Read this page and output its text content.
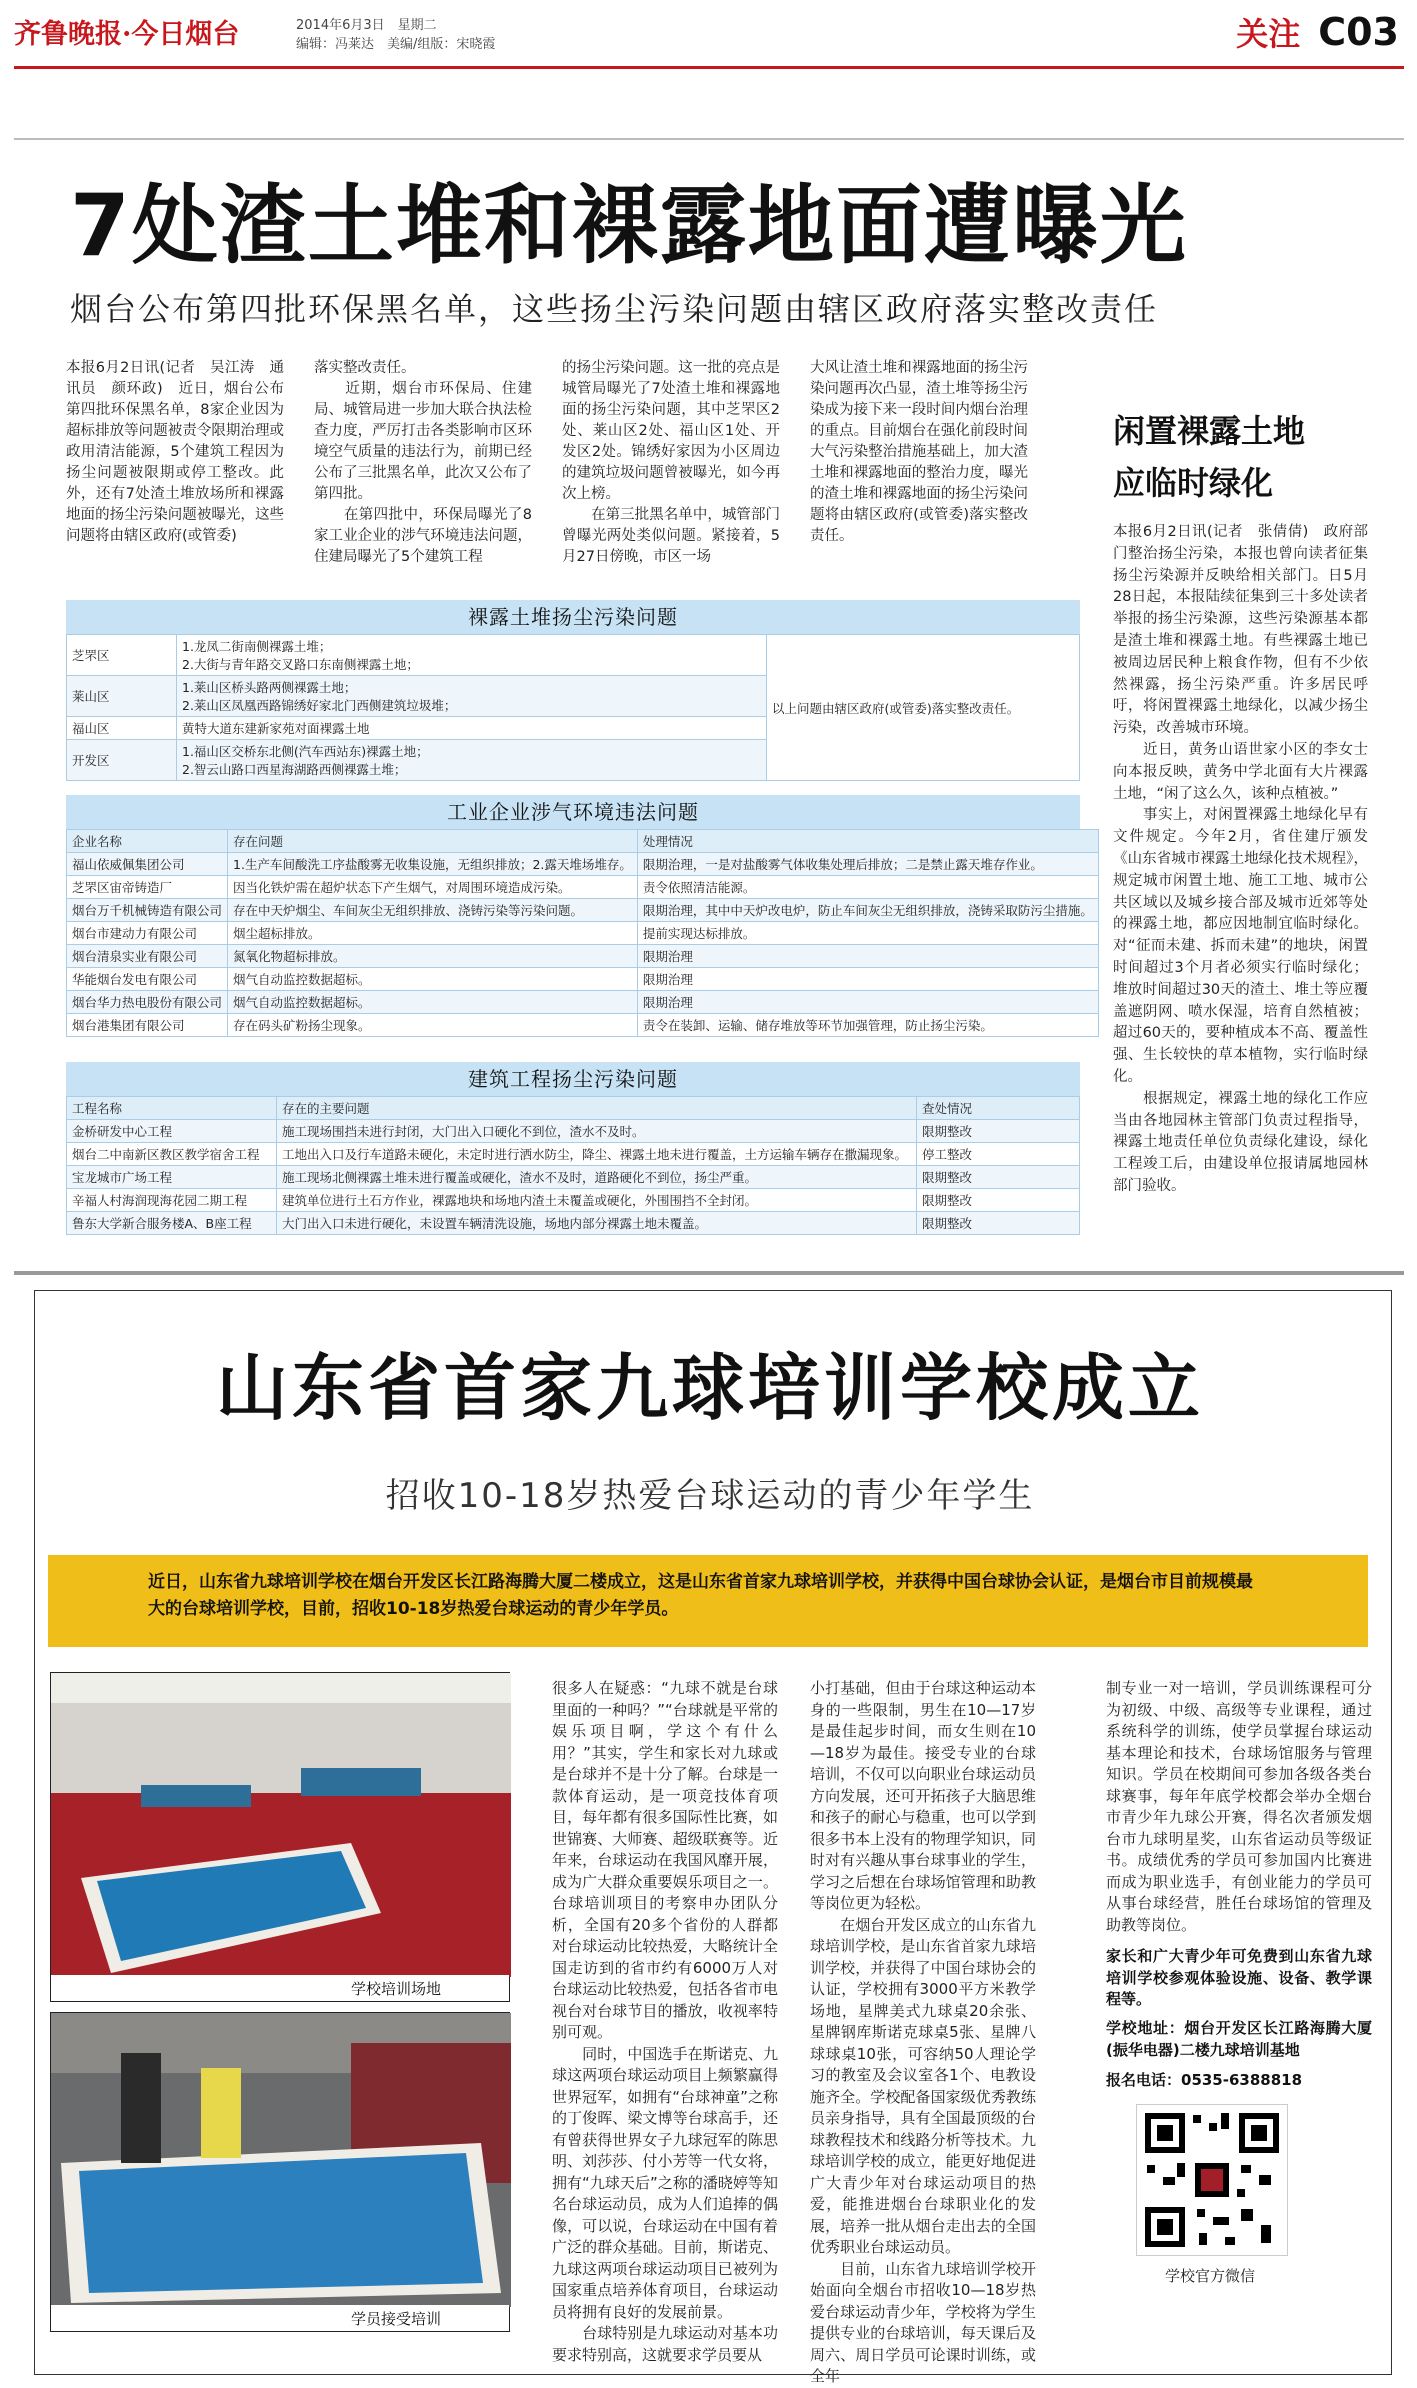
齐鲁晚报·今日烟台	2014年6月3日　星期二
编辑：冯莱达　美编/组版：宋晓霞	关注 C03
7处渣土堆和裸露地面遭曝光
烟台公布第四批环保黑名单，这些扬尘污染问题由辖区政府落实整改责任
本报6月2日讯(记者　吴江涛　通讯员　颜环政)　近日，烟台公布第四批环保黑名单，8家企业因为超标排放等问题被责令限期治理或政用清洁能源，5个建筑工程因为扬尘问题被限期或停工整改。此外，还有7处渣土堆放场所和裸露地面的扬尘污染问题被曝光，这些问题将由辖区政府(或管委)
落实整改责任。
　　近期，烟台市环保局、住建局、城管局进一步加大联合执法检查力度，严厉打击各类影响市区环境空气质量的违法行为，前期已经公布了三批黑名单，此次又公布了第四批。
　　在第四批中，环保局曝光了8家工业企业的涉气环境违法问题，住建局曝光了5个建筑工程
的扬尘污染问题。这一批的亮点是城管局曝光了7处渣土堆和裸露地面的扬尘污染问题，其中芝罘区2处、莱山区2处、福山区1处、开发区2处。锦绣好家因为小区周边的建筑垃圾问题曾被曝光，如今再次上榜。
　　在第三批黑名单中，城管部门曾曝光两处类似问题。紧接着，5月27日傍晚，市区一场
大风让渣土堆和裸露地面的扬尘污染问题再次凸显，渣土堆等扬尘污染成为接下来一段时间内烟台治理的重点。目前烟台在强化前段时间大气污染整治措施基础上，加大渣土堆和裸露地面的整治力度，曝光的渣土堆和裸露地面的扬尘污染问题将由辖区政府(或管委)落实整改责任。
闲置裸露土地应临时绿化
本报6月2日讯(记者　张倩倩)　政府部门整治扬尘污染，本报也曾向读者征集扬尘污染源并反映给相关部门。日5月28日起，本报陆续征集到三十多处读者举报的扬尘污染源，这些污染源基本都是渣土堆和裸露土地。有些裸露土地已被周边居民种上粮食作物，但有不少依然裸露，扬尘污染严重。许多居民呼吁，将闲置裸露土地绿化，以减少扬尘污染，改善城市环境。
　　近日，黄务山语世家小区的李女士向本报反映，黄务中学北面有大片裸露土地，“闲了这么久，该种点植被。”
　　事实上，对闲置裸露土地绿化早有文件规定。今年2月，省住建厅颁发《山东省城市裸露土地绿化技术规程》，规定城市闲置土地、施工工地、城市公共区域以及城乡接合部及城市近郊等处的裸露土地，都应因地制宜临时绿化。对“征而未建、拆而未建”的地块，闲置时间超过3个月者必须实行临时绿化；堆放时间超过30天的渣土、堆土等应覆盖遮阴网、喷水保湿，培育自然植被；超过60天的，要种植成本不高、覆盖性强、生长较快的草本植物，实行临时绿化。
　　根据规定，裸露土地的绿化工作应当由各地园林主管部门负责过程指导，裸露土地责任单位负责绿化建设，绿化工程竣工后，由建设单位报请属地园林部门验收。
裸露土堆扬尘污染问题
芝罘区	1.龙凤二街南侧裸露土堆；
2.大街与青年路交叉路口东南侧裸露土地；	以上问题由辖区政府(或管委)落实整改责任。
莱山区	1.莱山区桥头路两侧裸露土地；
2.莱山区凤凰西路锦绣好家北门西侧建筑垃圾堆；	
福山区	黄特大道东建新家苑对面裸露土地	
开发区	1.福山区交桥东北侧(汽车西站东)裸露土地；
2.智云山路口西星海湖路西侧裸露土堆；	
工业企业涉气环境违法问题
企业名称	存在问题	处理情况
福山依威佩集团公司	1.生产车间酸洗工序盐酸雾无收集设施，无组织排放；2.露天堆场堆存。	限期治理，一是对盐酸雾气体收集处理后排放；二是禁止露天堆存作业。
芝罘区宙帝铸造厂	因当化铁炉需在超炉状态下产生烟气，对周围环境造成污染。	责令依照清洁能源。
烟台万千机械铸造有限公司	存在中天炉烟尘、车间灰尘无组织排放、浇铸污染等污染问题。	限期治理，其中中天炉改电炉，防止车间灰尘无组织排放，浇铸采取防污尘措施。
烟台市建动力有限公司	烟尘超标排放。	提前实现达标排放。
烟台清泉实业有限公司	氮氧化物超标排放。	限期治理
华能烟台发电有限公司	烟气自动监控数据超标。	限期治理
烟台华力热电股份有限公司	烟气自动监控数据超标。	限期治理
烟台港集团有限公司	存在码头矿粉扬尘现象。	责令在装卸、运输、储存堆放等环节加强管理，防止扬尘污染。
建筑工程扬尘污染问题
工程名称	存在的主要问题	查处情况
金桥研发中心工程	施工现场围挡未进行封闭，大门出入口硬化不到位，渣水不及时。	限期整改
烟台二中南新区教区教学宿舍工程	工地出入口及行车道路未硬化，未定时进行洒水防尘，降尘、裸露土地未进行覆盖，土方运输车辆存在撒漏现象。	停工整改
宝龙城市广场工程	施工现场北侧裸露土堆未进行覆盖或硬化，渣水不及时，道路硬化不到位，扬尘严重。	限期整改
辛福人村海润现海花园二期工程	建筑单位进行土石方作业，裸露地块和场地内渣土未覆盖或硬化，外围围挡不全封闭。	限期整改
鲁东大学新合服务楼A、B座工程	大门出入口未进行硬化，未设置车辆清洗设施，场地内部分裸露土地未覆盖。	限期整改
山东省首家九球培训学校成立
招收10-18岁热爱台球运动的青少年学生
近日，山东省九球培训学校在烟台开发区长江路海腾大厦二楼成立，这是山东省首家九球培训学校，并获得中国台球协会认证，是烟台市目前规模最大的台球培训学校，目前，招收10-18岁热爱台球运动的青少年学员。
学校培训场地
学员接受培训
很多人在疑惑：“九球不就是台球里面的一种吗？”“台球就是平常的娱乐项目啊，学这个有什么用？”其实，学生和家长对九球或是台球并不是十分了解。台球是一款体育运动，是一项竞技体育项目，每年都有很多国际性比赛，如世锦赛、大师赛、超级联赛等。近年来，台球运动在我国风靡开展，成为广大群众重要娱乐项目之一。台球培训项目的考察申办团队分析，全国有20多个省份的人群都对台球运动比较热爱，大略统计全国走访到的省市约有6000万人对台球运动比较热爱，包括各省市电视台对台球节目的播放，收视率特别可观。
　　同时，中国选手在斯诺克、九球这两项台球运动项目上频繁赢得世界冠军，如拥有“台球神童”之称的丁俊晖、梁文博等台球高手，还有曾获得世界女子九球冠军的陈思明、刘莎莎、付小芳等一代女将，拥有“九球天后”之称的潘晓婷等知名台球运动员，成为人们追捧的偶像，可以说，台球运动在中国有着广泛的群众基础。目前，斯诺克、九球这两项台球运动项目已被列为国家重点培养体育项目，台球运动员将拥有良好的发展前景。
　　台球特别是九球运动对基本功要求特别高，这就要求学员要从
小打基础，但由于台球这种运动本身的一些限制，男生在10—17岁是最佳起步时间，而女生则在10—18岁为最佳。接受专业的台球培训，不仅可以向职业台球运动员方向发展，还可开拓孩子大脑思维和孩子的耐心与稳重，也可以学到很多书本上没有的物理学知识，同时对有兴趣从事台球事业的学生，学习之后想在台球场馆管理和助教等岗位更为轻松。
　　在烟台开发区成立的山东省九球培训学校，是山东省首家九球培训学校，并获得了中国台球协会的认证，学校拥有3000平方米教学场地，星牌美式九球桌20余张、星牌钢库斯诺克球桌5张、星牌八球球桌10张，可容纳50人理论学习的教室及会议室各1个、电教设施齐全。学校配备国家级优秀教练员亲身指导，具有全国最顶级的台球教程技术和线路分析等技术。九球培训学校的成立，能更好地促进广大青少年对台球运动项目的热爱，能推进烟台台球职业化的发展，培养一批从烟台走出去的全国优秀职业台球运动员。
　　目前，山东省九球培训学校开始面向全烟台市招收10—18岁热爱台球运动青少年，学校将为学生提供专业的台球培训，每天课后及周六、周日学员可论课时训练，或全年
制专业一对一培训，学员训练课程可分为初级、中级、高级等专业课程，通过系统科学的训练，使学员掌握台球运动基本理论和技术，台球场馆服务与管理知识。学员在校期间可参加各级各类台球赛事，每年年底学校都会举办全烟台市青少年九球公开赛，得名次者颁发烟台市九球明星奖，山东省运动员等级证书。成绩优秀的学员可参加国内比赛进而成为职业选手，有创业能力的学员可从事台球经营，胜任台球场馆的管理及助教等岗位。
家长和广大青少年可免费到山东省九球培训学校参观体验设施、设备、教学课程等。
学校地址：烟台开发区长江路海腾大厦(振华电器)二楼九球培训基地
报名电话：0535-6388818
学校官方微信
